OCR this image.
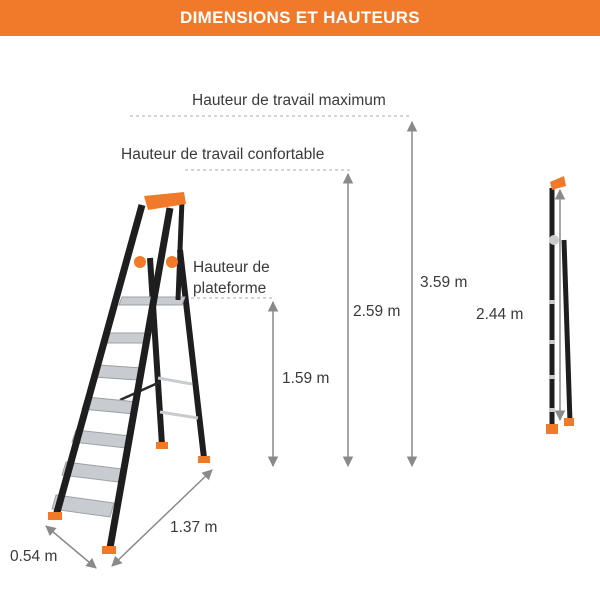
DIMENSIONS ET HAUTEURS
Hauteur de travail maximum
Hauteur de travail confortable
Hauteur de
plateforme	3.59 m
2.59 m
1.59 m
2.44 m
1.37 m
0.54 m
